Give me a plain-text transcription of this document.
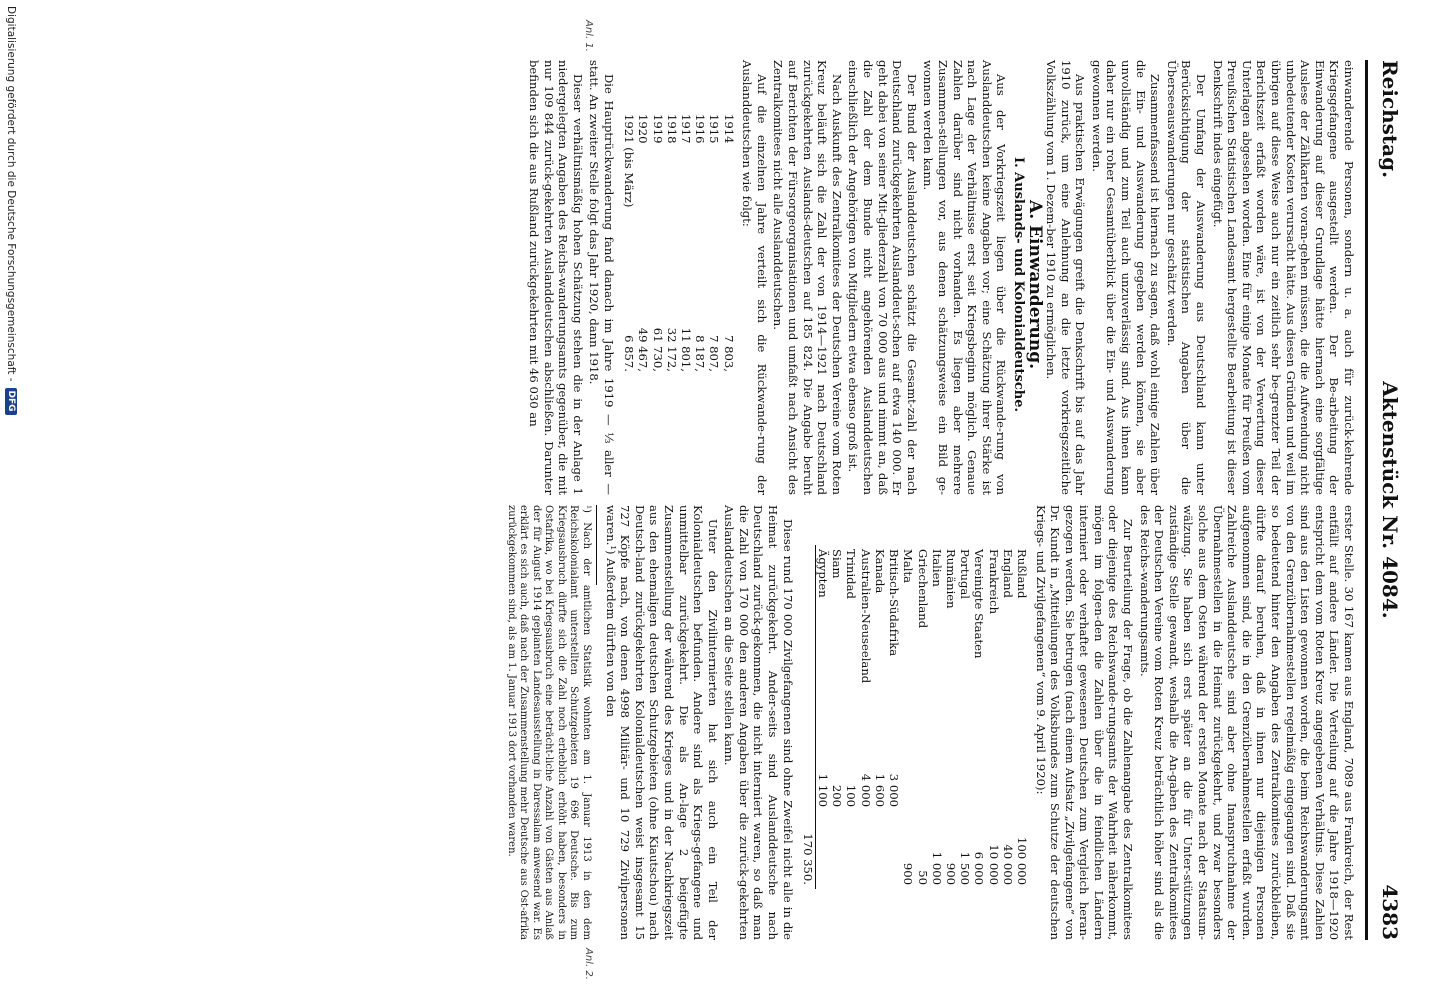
Digitalisierung gefördert durch die Deutsche Forschungsgemeinschaft -
DFG
Reichstag.
Aktenstück Nr. 4084.
4383
Anl. 1.
Anl. 2.

einwanderende Personen, sondern u. a. auch für zurück-kehrende Kriegsgefangene ausgestellt werden. Der Be-arbeitung der Einwanderung auf dieser Grundlage hätte hiernach eine sorgfältige Auslese der Zählkarten voran-gehen müssen, die die Aufwendung nicht unbedeutender Kosten verursacht hätte. Aus diesen Gründen und weil im übrigen auf diese Weise auch nur ein zeitlich sehr be-grenzter Teil der Berichtszeit erfaßt worden wäre, ist von der Verwertung dieser Unterlagen abgesehen worden. Eine für einige Monate für Preußen vom Preußischen Statistischen Landesamt hergestellte Bearbeitung ist dieser Denkschrift indes eingefügt.

Der Umfang der Auswanderung aus Deutschland kann unter Berücksichtigung der statistischen Angaben über die Überseeauswanderungen nur geschätzt werden.

Zusammenfassend ist hiernach zu sagen, daß wohl einige Zahlen über die Ein- und Auswanderung gegeben werden können, sie aber unvollständig und zum Teil auch unzuverlässig sind. Aus ihnen kann daher nur ein roher Gesamtüberblick über die Ein- und Auswanderung gewonnen werden.

Aus praktischen Erwägungen greift die Denkschrift bis auf das Jahr 1910 zurück, um eine Anlehnung an die letzte vorkriegszeitliche Volkszählung vom 1. Dezem-ber 1910 zu ermöglichen.

A. Einwanderung.

I. Auslands- und Kolonialdeutsche.

Aus der Vorkriegszeit liegen über die Rückwande-rung von Auslanddeutschen keine Angaben vor; eine Schätzung ihrer Stärke ist nach Lage der Verhältnisse erst seit Kriegsbeginn möglich. Genaue Zahlen darüber sind nicht vorhanden. Es liegen aber mehrere Zusammen-stellungen vor, aus denen schätzungsweise ein Bild ge-wonnen werden kann.

Der Bund der Auslanddeutschen schätzt die Gesamt-zahl der nach Deutschland zurückgekehrten Auslanddeut-schen auf etwa 140 000. Er geht dabei von seiner Mit-gliederzahl von 70 000 aus und nimmt an, daß die Zahl der dem Bunde nicht angehörenden Auslanddeutschen einschließlich der Angehörigen von Mitgliedern etwa ebenso groß ist.

Nach Auskunft des Zentralkomitees der Deutschen Vereine vom Roten Kreuz beläuft sich die Zahl der von 1914—1921 nach Deutschland zurückgekehrten Auslands-deutschen auf 185 824. Die Angabe beruht auf Berichten der Fürsorgeorganisationen und umfaßt nach Ansicht des Zentralkomitees nicht alle Auslanddeutschen.

Auf die einzelnen Jahre verteilt sich die Rückwande-rung der Auslanddeutschen wie folgt:

1914	7 803,
1915	7 807,
1916	8 187,
1917	11 801,
1918	32 172,
1919	61 730,
1920	49 467,
1921 (bis März)	6 857.

Die Hauptrückwanderung fand danach im Jahre 1919 — ⅓ aller — statt. An zweiter Stelle folgt das Jahr 1920, dann 1918.

Dieser verhältnismäßig hohen Schätzung stehen die in der Anlage 1 niedergelegten Angaben des Reichs-wanderungsamts gegenüber, die mit nur 109 844 zurück-gekehrten Auslanddeutschen abschließen. Darunter befinden sich die aus Rußland zurückgekehrten mit 46 030 an

erster Stelle. 30 167 kamen aus England, 7089 aus Frankreich, der Rest entfällt auf andere Länder. Die Verteilung auf die Jahre 1918—1920 entspricht dem vom Roten Kreuz angegebenen Verhältnis. Diese Zahlen sind aus den Listen gewonnen worden, die beim Reichswanderungsamt von den Grenzübernahmestellen regelmäßig eingegangen sind. Daß sie so bedeutend hinter den Angaben des Zentralkomitees zurückbleiben, dürfte darauf beruhen, daß in ihnen nur diejenigen Personen aufgenommen sind, die in den Grenzübernahmestellen erfaßt wurden. Zahlreiche Auslanddeutsche sind aber ohne Inanspruchnahme der Übernahmestellen in die Heimat zurückgekehrt, und zwar besonders solche aus dem Osten während der ersten Monate nach der Staatsum-wälzung. Sie haben sich erst später an die für Unter-stützungen zuständige Stelle gewandt, weshalb die An-gaben des Zentralkomitees der Deutschen Vereine vom Roten Kreuz beträchtlich höher sind als die des Reichs-wanderungsamts.

Zur Beurteilung der Frage, ob die Zahlenangabe des Zentralkomitees oder diejenige des Reichswande-rungsamts der Wahrheit näherkommt, mögen im folgen-den die Zahlen über die in feindlichen Ländern interniert oder verhaftet gewesenen Deutschen zum Vergleich heran-gezogen werden. Sie betrugen (nach einem Aufsatz „Zivilgefangene“ von Dr. Kundt in „Mitteilungen des Volksbundes zum Schutze der deutschen Kriegs- und Zivilgefangenen“ vom 9. April 1920):

Rußland		100 000
England		40 000
Frankreich		10 000
Vereinigte Staaten		6 000
Portugal		1 500
Rumänien		900
Italien		1 000
Griechenland		50
Malta		900
Britisch-Südafrika	3 000	
Kanada	1 600	
Australien-Neuseeland	4 000	
Trinidad	100	
Siam	200	
Ägypten	1 100	
		170 350.

Diese rund 170 000 Zivilgefangenen sind ohne Zweifel nicht alle in die Heimat zurückgekehrt. Ander-seits sind Auslanddeutsche nach Deutschland zurück-gekommen, die nicht interniert waren, so daß man die Zahl von 170 000 den anderen Angaben über die zurück-gekehrten Auslanddeutschen an die Seite stellen kann.

Unter den Zivilinternierten hat sich auch ein Teil der Kolonialdeutschen befunden. Andere sind als Kriegs-gefangene und unmittelbar zurückgekehrt. Die als An-lage 2 beigefügte Zusammenstellung der während des Krieges und in der Nachkriegszeit aus den ehemaligen deutschen Schutzgebieten (ohne Kiautschou) nach Deutsch-land zurückgekehrten Kolonialdeutschen weist insgesamt 15 727 Köpfe nach, von denen 4998 Militär- und 10 729 Zivilpersonen waren.¹) Außerdem dürften von den

¹) Nach der amtlichen Statistik wohnten am 1. Januar 1913 in den dem Reichskolonialamt unterstellten Schutzgebieten 19 696 Deutsche. Bis zum Kriegsausbruch dürfte sich die Zahl noch erheblich erhöht haben, besonders in Ostafrika, wo bei Kriegsausbruch eine beträcht-liche Anzahl von Gästen aus Anlaß der für August 1914 geplanten Landesausstellung in Daressalam anwesend war. Es erklärt es sich auch, daß nach der Zusammenstellung mehr Deutsche aus Ost-afrika zurückgekommen sind, als am 1. Januar 1913 dort vorhanden waren.
